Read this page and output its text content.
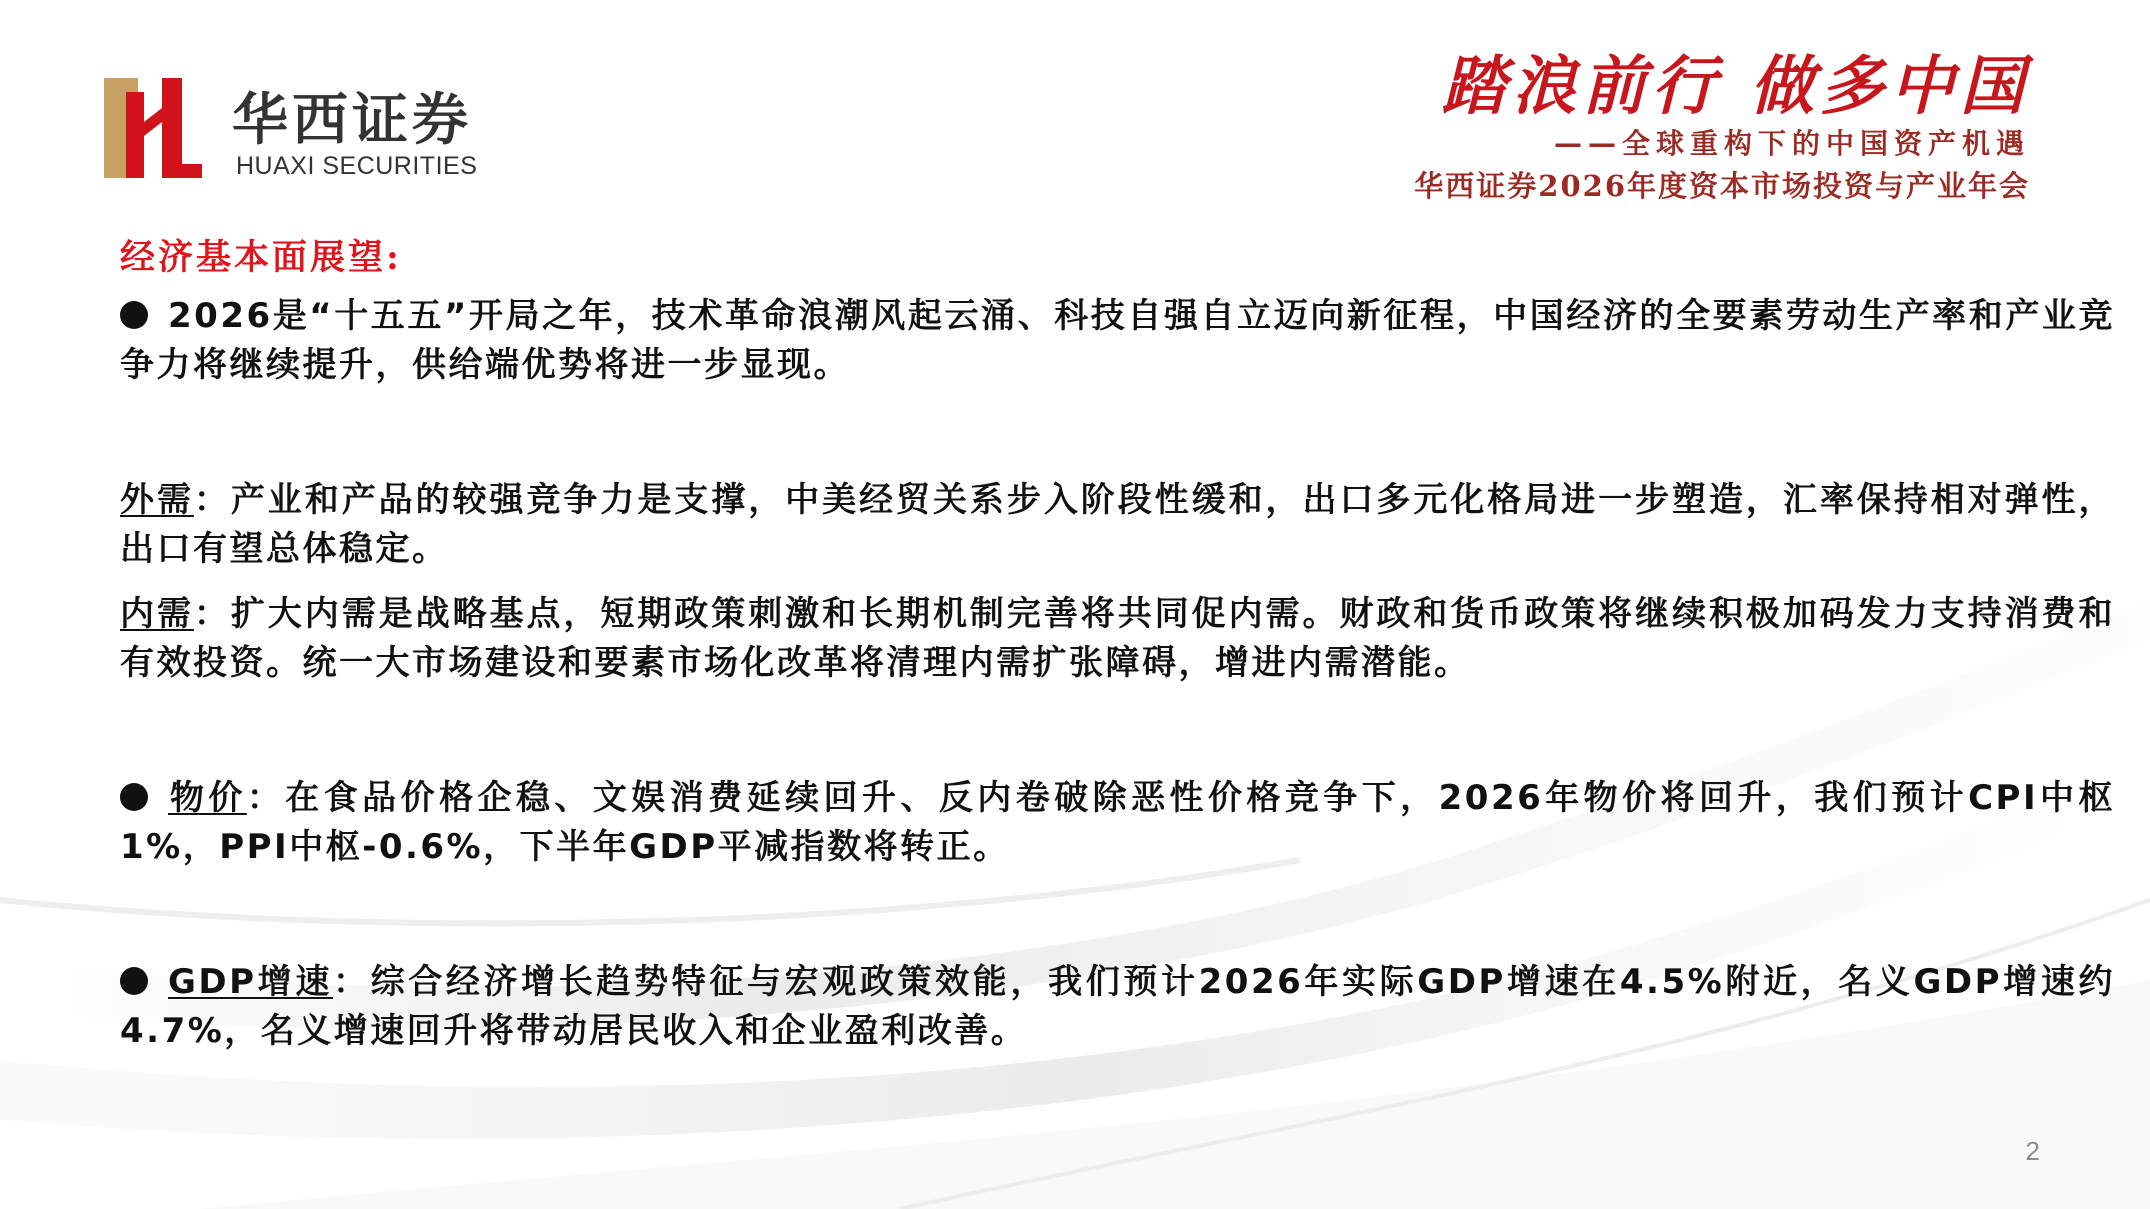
华西证券
HUAXI SECURITIES
踏浪前行 做多中国
——全球重构下的中国资产机遇
华西证券2026年度资本市场投资与产业年会

经济基本面展望:

2026是“十五五”开局之年，技术革命浪潮风起云涌、科技自强自立迈向新征程，中国经济的全要素劳动生产率和产业竞争力将继续提升，供给端优势将进一步显现。

外需：产业和产品的较强竞争力是支撑，中美经贸关系步入阶段性缓和，出口多元化格局进一步塑造，汇率保持相对弹性，出口有望总体稳定。

内需：扩大内需是战略基点，短期政策刺激和长期机制完善将共同促内需。财政和货币政策将继续积极加码发力支持消费和有效投资。统一大市场建设和要素市场化改革将清理内需扩张障碍，增进内需潜能。

物价：在食品价格企稳、文娱消费延续回升、反内卷破除恶性价格竞争下，2026年物价将回升，我们预计CPI中枢1%，PPI中枢-0.6%，下半年GDP平减指数将转正。

GDP增速：综合经济增长趋势特征与宏观政策效能，我们预计2026年实际GDP增速在4.5%附近，名义GDP增速约4.7%，名义增速回升将带动居民收入和企业盈利改善。

2
